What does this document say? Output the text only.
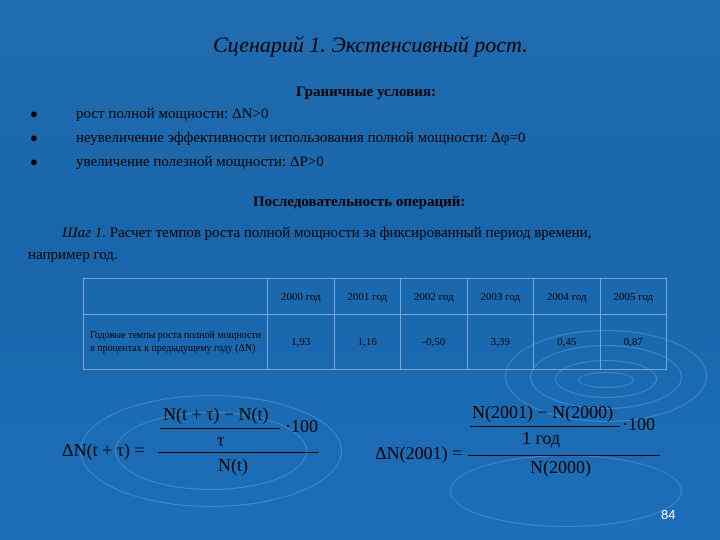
Сценарий 1. Экстенсивный рост.
Граничные условия:
●	рост полной мощности: ΔN>0
●	неувеличение эффективности использования полной мощности: Δφ=0
●	увеличение полезной мощности: ΔP>0
Последовательность операций:
Шаг 1. Расчет темпов роста полной мощности за фиксированный период времени,
например год.
	2000 год	2001 год	2002 год	2003 год	2004 год	2005 год
Годовые темпы роста полной мощности в процентах к предыдущему году (ΔN)	1,93	1,16	-0,50	3,39	0,45	0,87
N(t + τ) − N(t)
·100
τ
ΔN(t + τ) =
N(t)
N(2001) − N(2000)
·100
1 год
ΔN(2001) =
N(2000)
84
